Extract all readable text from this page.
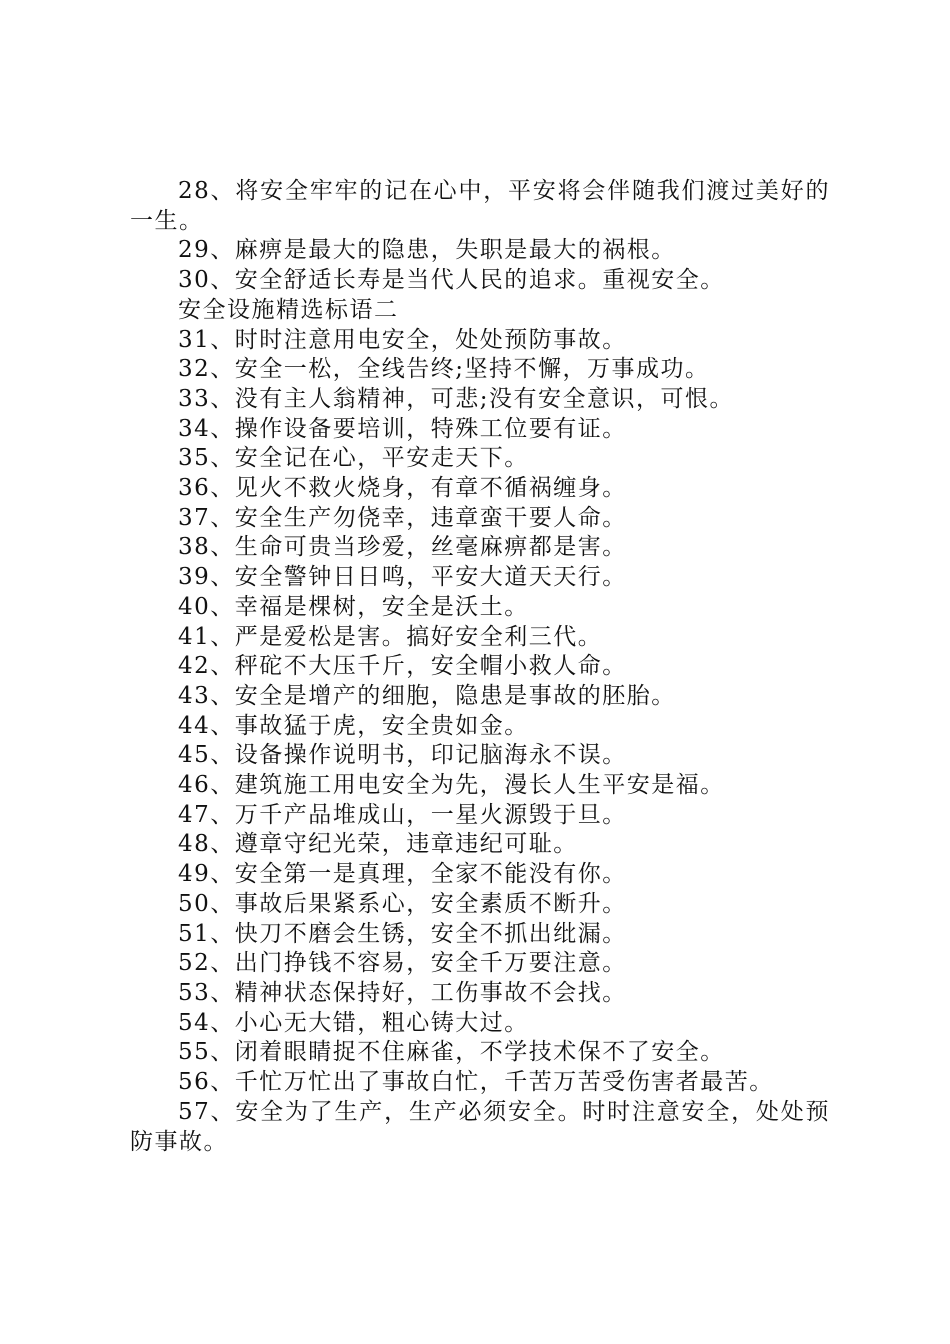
28、将安全牢牢的记在心中，平安将会伴随我们渡过美好的一生。

29、麻痹是最大的隐患，失职是最大的祸根。

30、安全舒适长寿是当代人民的追求。重视安全。

安全设施精选标语二

31、时时注意用电安全，处处预防事故。

32、安全一松，全线告终;坚持不懈，万事成功。

33、没有主人翁精神，可悲;没有安全意识，可恨。

34、操作设备要培训，特殊工位要有证。

35、安全记在心，平安走天下。

36、见火不救火烧身，有章不循祸缠身。

37、安全生产勿侥幸，违章蛮干要人命。

38、生命可贵当珍爱，丝毫麻痹都是害。

39、安全警钟日日鸣，平安大道天天行。

40、幸福是棵树，安全是沃土。

41、严是爱松是害。搞好安全利三代。

42、秤砣不大压千斤，安全帽小救人命。

43、安全是增产的细胞，隐患是事故的胚胎。

44、事故猛于虎，安全贵如金。

45、设备操作说明书，印记脑海永不误。

46、建筑施工用电安全为先，漫长人生平安是福。

47、万千产品堆成山，一星火源毁于旦。

48、遵章守纪光荣，违章违纪可耻。

49、安全第一是真理，全家不能没有你。

50、事故后果紧系心，安全素质不断升。

51、快刀不磨会生锈，安全不抓出纰漏。

52、出门挣钱不容易，安全千万要注意。

53、精神状态保持好，工伤事故不会找。

54、小心无大错，粗心铸大过。

55、闭着眼睛捉不住麻雀，不学技术保不了安全。

56、千忙万忙出了事故白忙，千苦万苦受伤害者最苦。

57、安全为了生产，生产必须安全。时时注意安全，处处预防事故。
